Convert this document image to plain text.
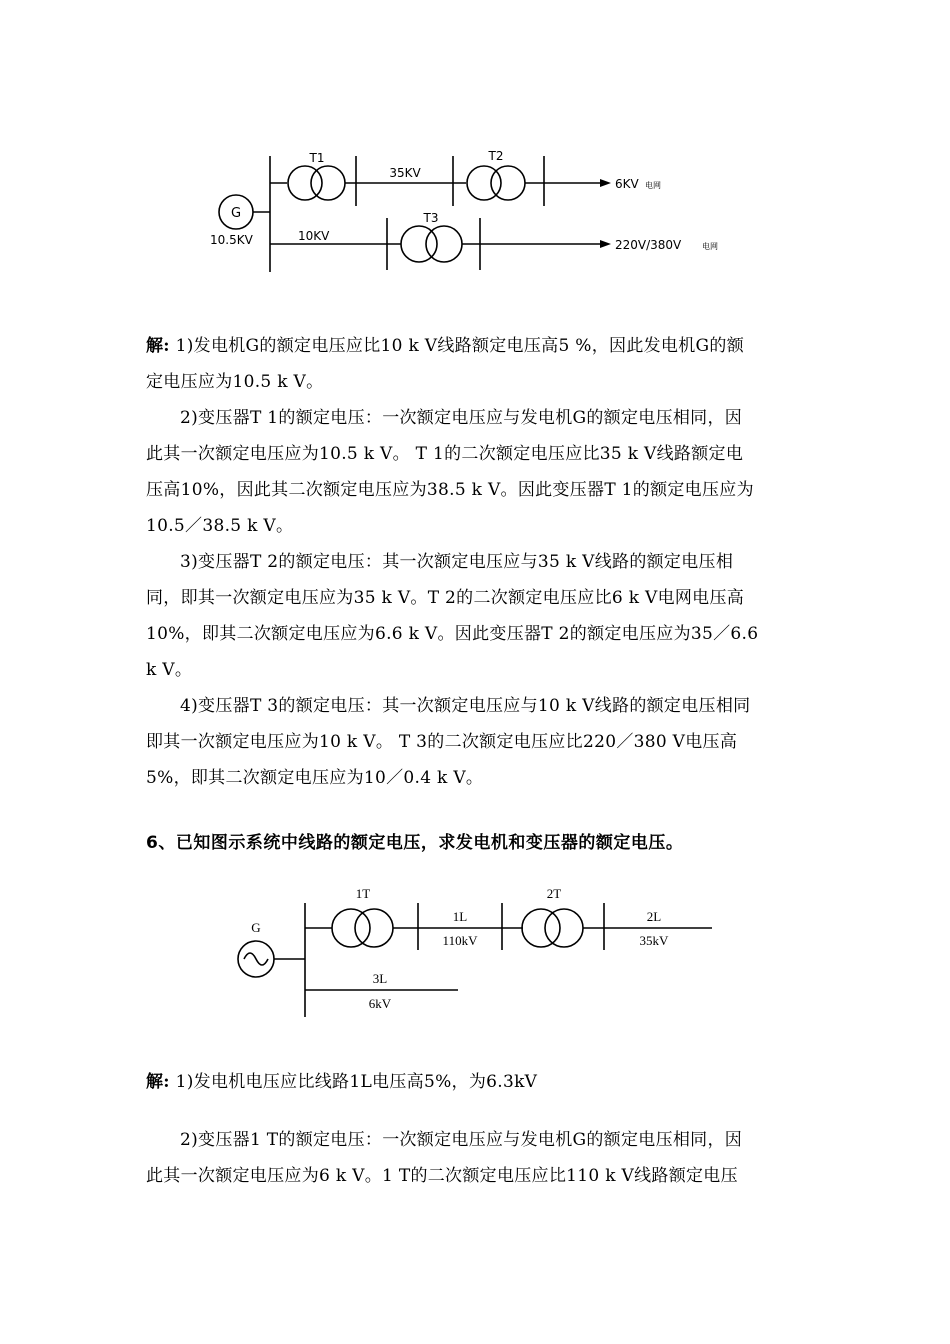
G
10.5KV
T1
35KV
T2
10KV
T3
6KV 电网
220V/380V	电网
解: 1)发电机G的额定电压应比10 k V线路额定电压高5 %，因此发电机G的额
定电压应为10.5 k V。
2)变压器T 1的额定电压：一次额定电压应与发电机G的额定电压相同，因
此其一次额定电压应为10.5 k V。 T 1的二次额定电压应比35 k V线路额定电
压高10%，因此其二次额定电压应为38.5 k V。因此变压器T 1的额定电压应为
10.5／38.5 k V。
3)变压器T 2的额定电压：其一次额定电压应与35 k V线路的额定电压相
同，即其一次额定电压应为35 k V。T 2的二次额定电压应比6 k V电网电压高
10%，即其二次额定电压应为6.6 k V。因此变压器T 2的额定电压应为35／6.6
k V。
4)变压器T 3的额定电压：其一次额定电压应与10 k V线路的额定电压相同
即其一次额定电压应为10 k V。 T 3的二次额定电压应比220／380 V电压高
5%，即其二次额定电压应为10／0.4 k V。
6、已知图示系统中线路的额定电压，求发电机和变压器的额定电压。
G
1T	2T
1L
110kV
2L
35kV
3L
6kV
解: 1)发电机电压应比线路1L电压高5%，为6.3kV
2)变压器1 T的额定电压：一次额定电压应与发电机G的额定电压相同，因
此其一次额定电压应为6 k V。1 T的二次额定电压应比110 k V线路额定电压
